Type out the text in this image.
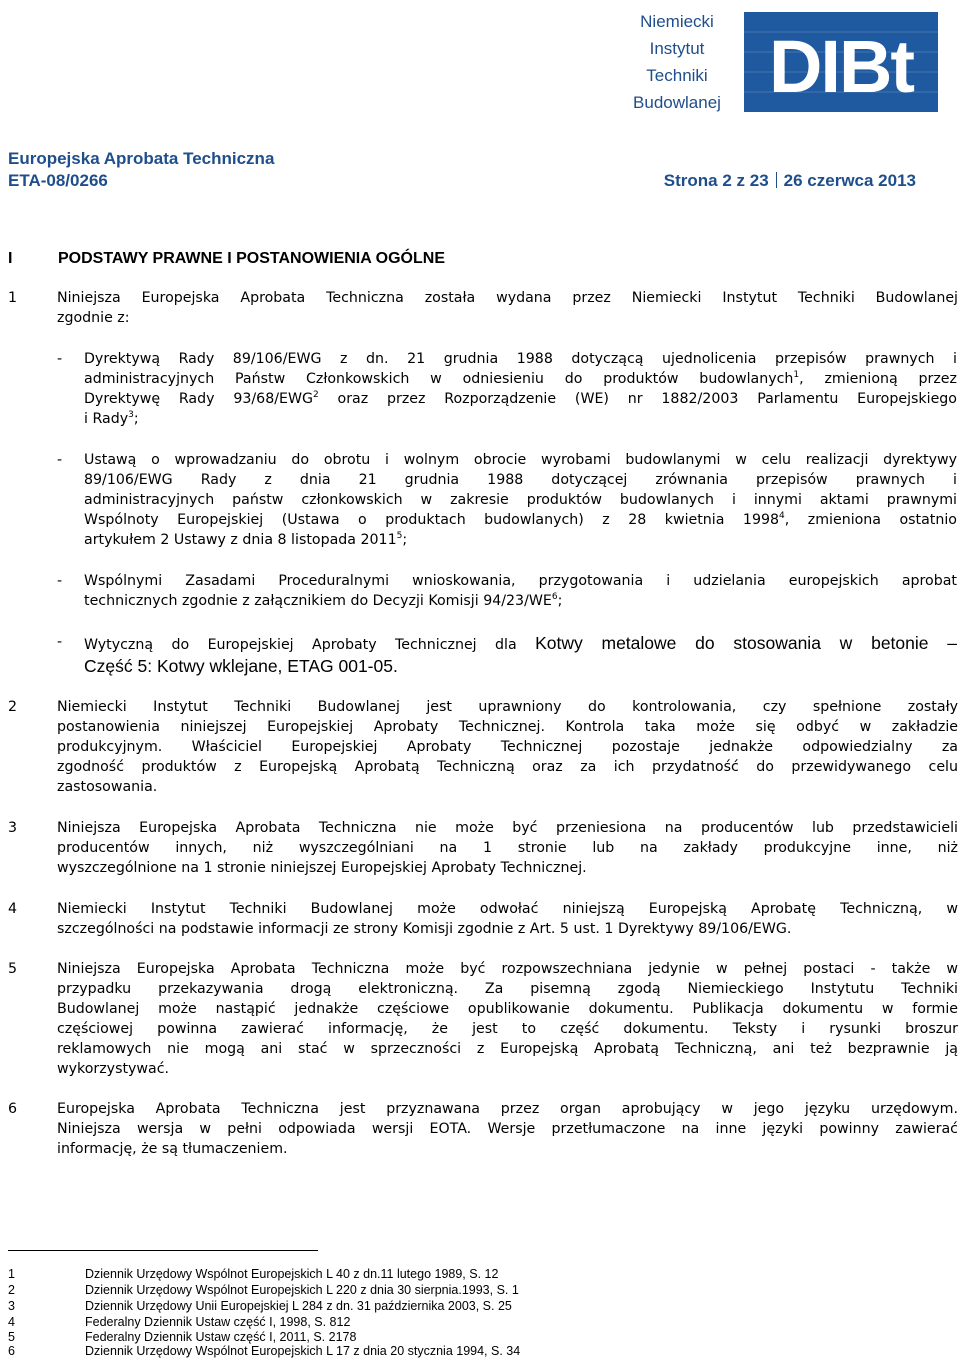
Niemiecki
Instytut
Techniki
Budowlanej DIBt
Europejska Aprobata Techniczna
ETA-08/0266	Strona 2 z 23 26 czerwca 2013
I	PODSTAWY PRAWNE I POSTANOWIENIA OGÓLNE
1	Niniejsza Europejska Aprobata Techniczna została wydana przez Niemiecki Instytut Techniki Budowlanej
zgodnie z:
- Dyrektywą Rady 89/106/EWG z dn. 21 grudnia 1988 dotyczącą ujednolicenia przepisów prawnych i
administracyjnych Państw Członkowskich w odniesieniu do produktów budowlanych$^1$, zmienioną przez
Dyrektywę Rady 93/68/EWG$^2$ oraz przez Rozporządzenie (WE) nr 1882/2003 Parlamentu Europejskiego
i Rady$^3$;
- Ustawą o wprowadzaniu do obrotu i wolnym obrocie wyrobami budowlanymi w celu realizacji dyrektywy
89/106/EWG Rady z dnia 21 grudnia 1988 dotyczącej zrównania przepisów prawnych i
administracyjnych państw członkowskich w zakresie produktów budowlanych i innymi aktami prawnymi
Wspólnoty Europejskiej (Ustawa o produktach budowlanych) z 28 kwietnia 1998$^4$, zmieniona ostatnio
artykułem 2 Ustawy z dnia 8 listopada 2011$^5$;
- Wspólnymi Zasadami Proceduralnymi wnioskowania, przygotowania i udzielania europejskich aprobat
technicznych zgodnie z załącznikiem do Decyzji Komisji $94/23/WE^6$;
- Wytyczną do Europejskiej Aprobaty Technicznej dla Kotwy metalowe do stosowania w betonie –
Część 5: Kotwy wklejane, ETAG 001-05.
2	Niemiecki Instytut Techniki Budowlanej jest uprawniony do kontrolowania, czy spełnione zostały
postanowienia niniejszej Europejskiej Aprobaty Technicznej. Kontrola taka może się odbyć w zakładzie
produkcyjnym. Właściciel Europejskiej Aprobaty Technicznej pozostaje jednakże odpowiedzialny za
zgodność produktów z Europejską Aprobatą Techniczną oraz za ich przydatność do przewidywanego celu
zastosowania.
3	Niniejsza Europejska Aprobata Techniczna nie może być przeniesiona na producentów lub przedstawicieli
producentów innych, niż wyszczególniani na 1 stronie lub na zakłady produkcyjne inne, niż
wyszczególnione na 1 stronie niniejszej Europejskiej Aprobaty Technicznej.
4	Niemiecki Instytut Techniki Budowlanej może odwołać niniejszą Europejską Aprobatę Techniczną, w
szczególności na podstawie informacji ze strony Komisji zgodnie z Art. 5 ust. 1 Dyrektywy 89/106/EWG.
5	Niniejsza Europejska Aprobata Techniczna może być rozpowszechniana jedynie w pełnej postaci - także w
przypadku przekazywania drogą elektroniczną. Za pisemną zgodą Niemieckiego Instytutu Techniki
Budowlanej może nastąpić jednakże częściowe opublikowanie dokumentu. Publikacja dokumentu w formie
częściowej powinna zawierać informację, że jest to część dokumentu. Teksty i rysunki broszur
reklamowych nie mogą ani stać w sprzeczności z Europejską Aprobatą Techniczną, ani też bezprawnie ją
wykorzystywać.
6	Europejska Aprobata Techniczna jest przyznawana przez organ aprobujący w jego języku urzędowym.
Niniejsza wersja w pełni odpowiada wersji EOTA. Wersje przetłumaczone na inne języki powinny zawierać
informację, że są tłumaczeniem.
1	Dziennik Urzędowy Wspólnot Europejskich L 40 z dn.11 lutego 1989, S. 12
2	Dziennik Urzędowy Wspólnot Europejskich L 220 z dnia 30 sierpnia.1993, S. 1
3	Dziennik Urzędowy Unii Europejskiej L 284 z dn. 31 października 2003, S. 25
4	Federalny Dziennik Ustaw część I, 1998, S. 812
5	Federalny Dziennik Ustaw część I, 2011, S. 2178
6	Dziennik Urzędowy Wspólnot Europejskich L 17 z dnia 20 stycznia 1994, S. 34
